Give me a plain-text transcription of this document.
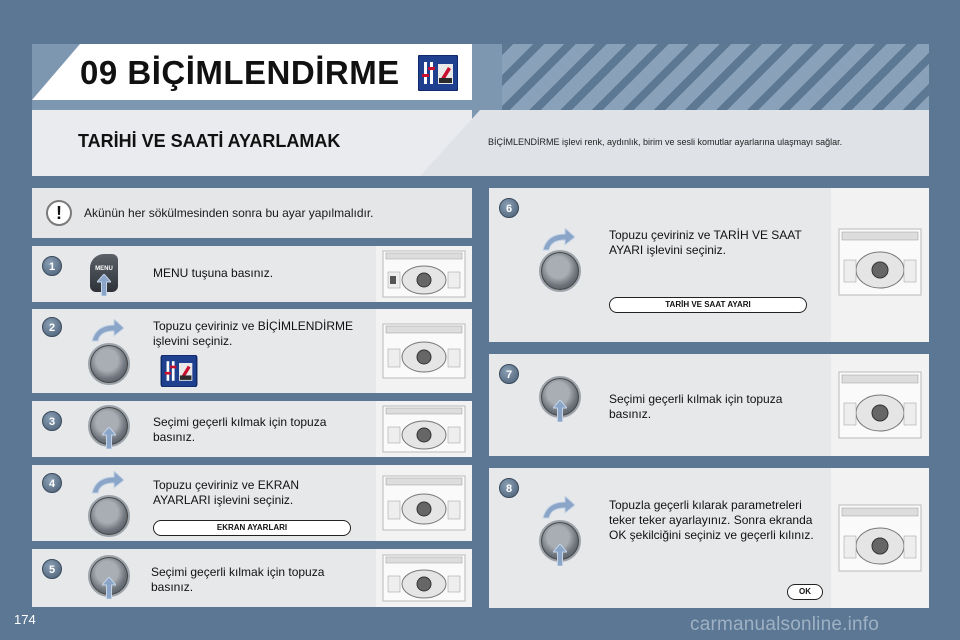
09 BİÇİMLENDİRME
TARİHİ VE SAATİ AYARLAMAK	BİÇİMLENDİRME işlevi renk, aydınlık, birim ve sesli komutlar ayarlarına ulaşmayı sağlar.
!	Akünün her sökülmesinden sonra bu ayar yapılmalıdır.
1	MENU	MENU tuşuna basınız.
2	Topuzu çeviriniz ve BİÇİMLENDİRME işlevini seçiniz.
3	Seçimi geçerli kılmak için topuza basınız.
4	Topuzu çeviriniz ve EKRAN AYARLARI işlevini seçiniz.
EKRAN AYARLARI
5	Seçimi geçerli kılmak için topuza basınız.
6
Topuzu çeviriniz ve TARİH VE SAAT AYARI işlevini seçiniz.
TARİH VE SAAT AYARI
7
Seçimi geçerli kılmak için topuza basınız.
8
Topuzla geçerli kılarak parametreleri teker teker ayarlayınız. Sonra ekranda OK şekilciğini seçiniz ve geçerli kılınız.
OK
174	carmanualsonline.info
